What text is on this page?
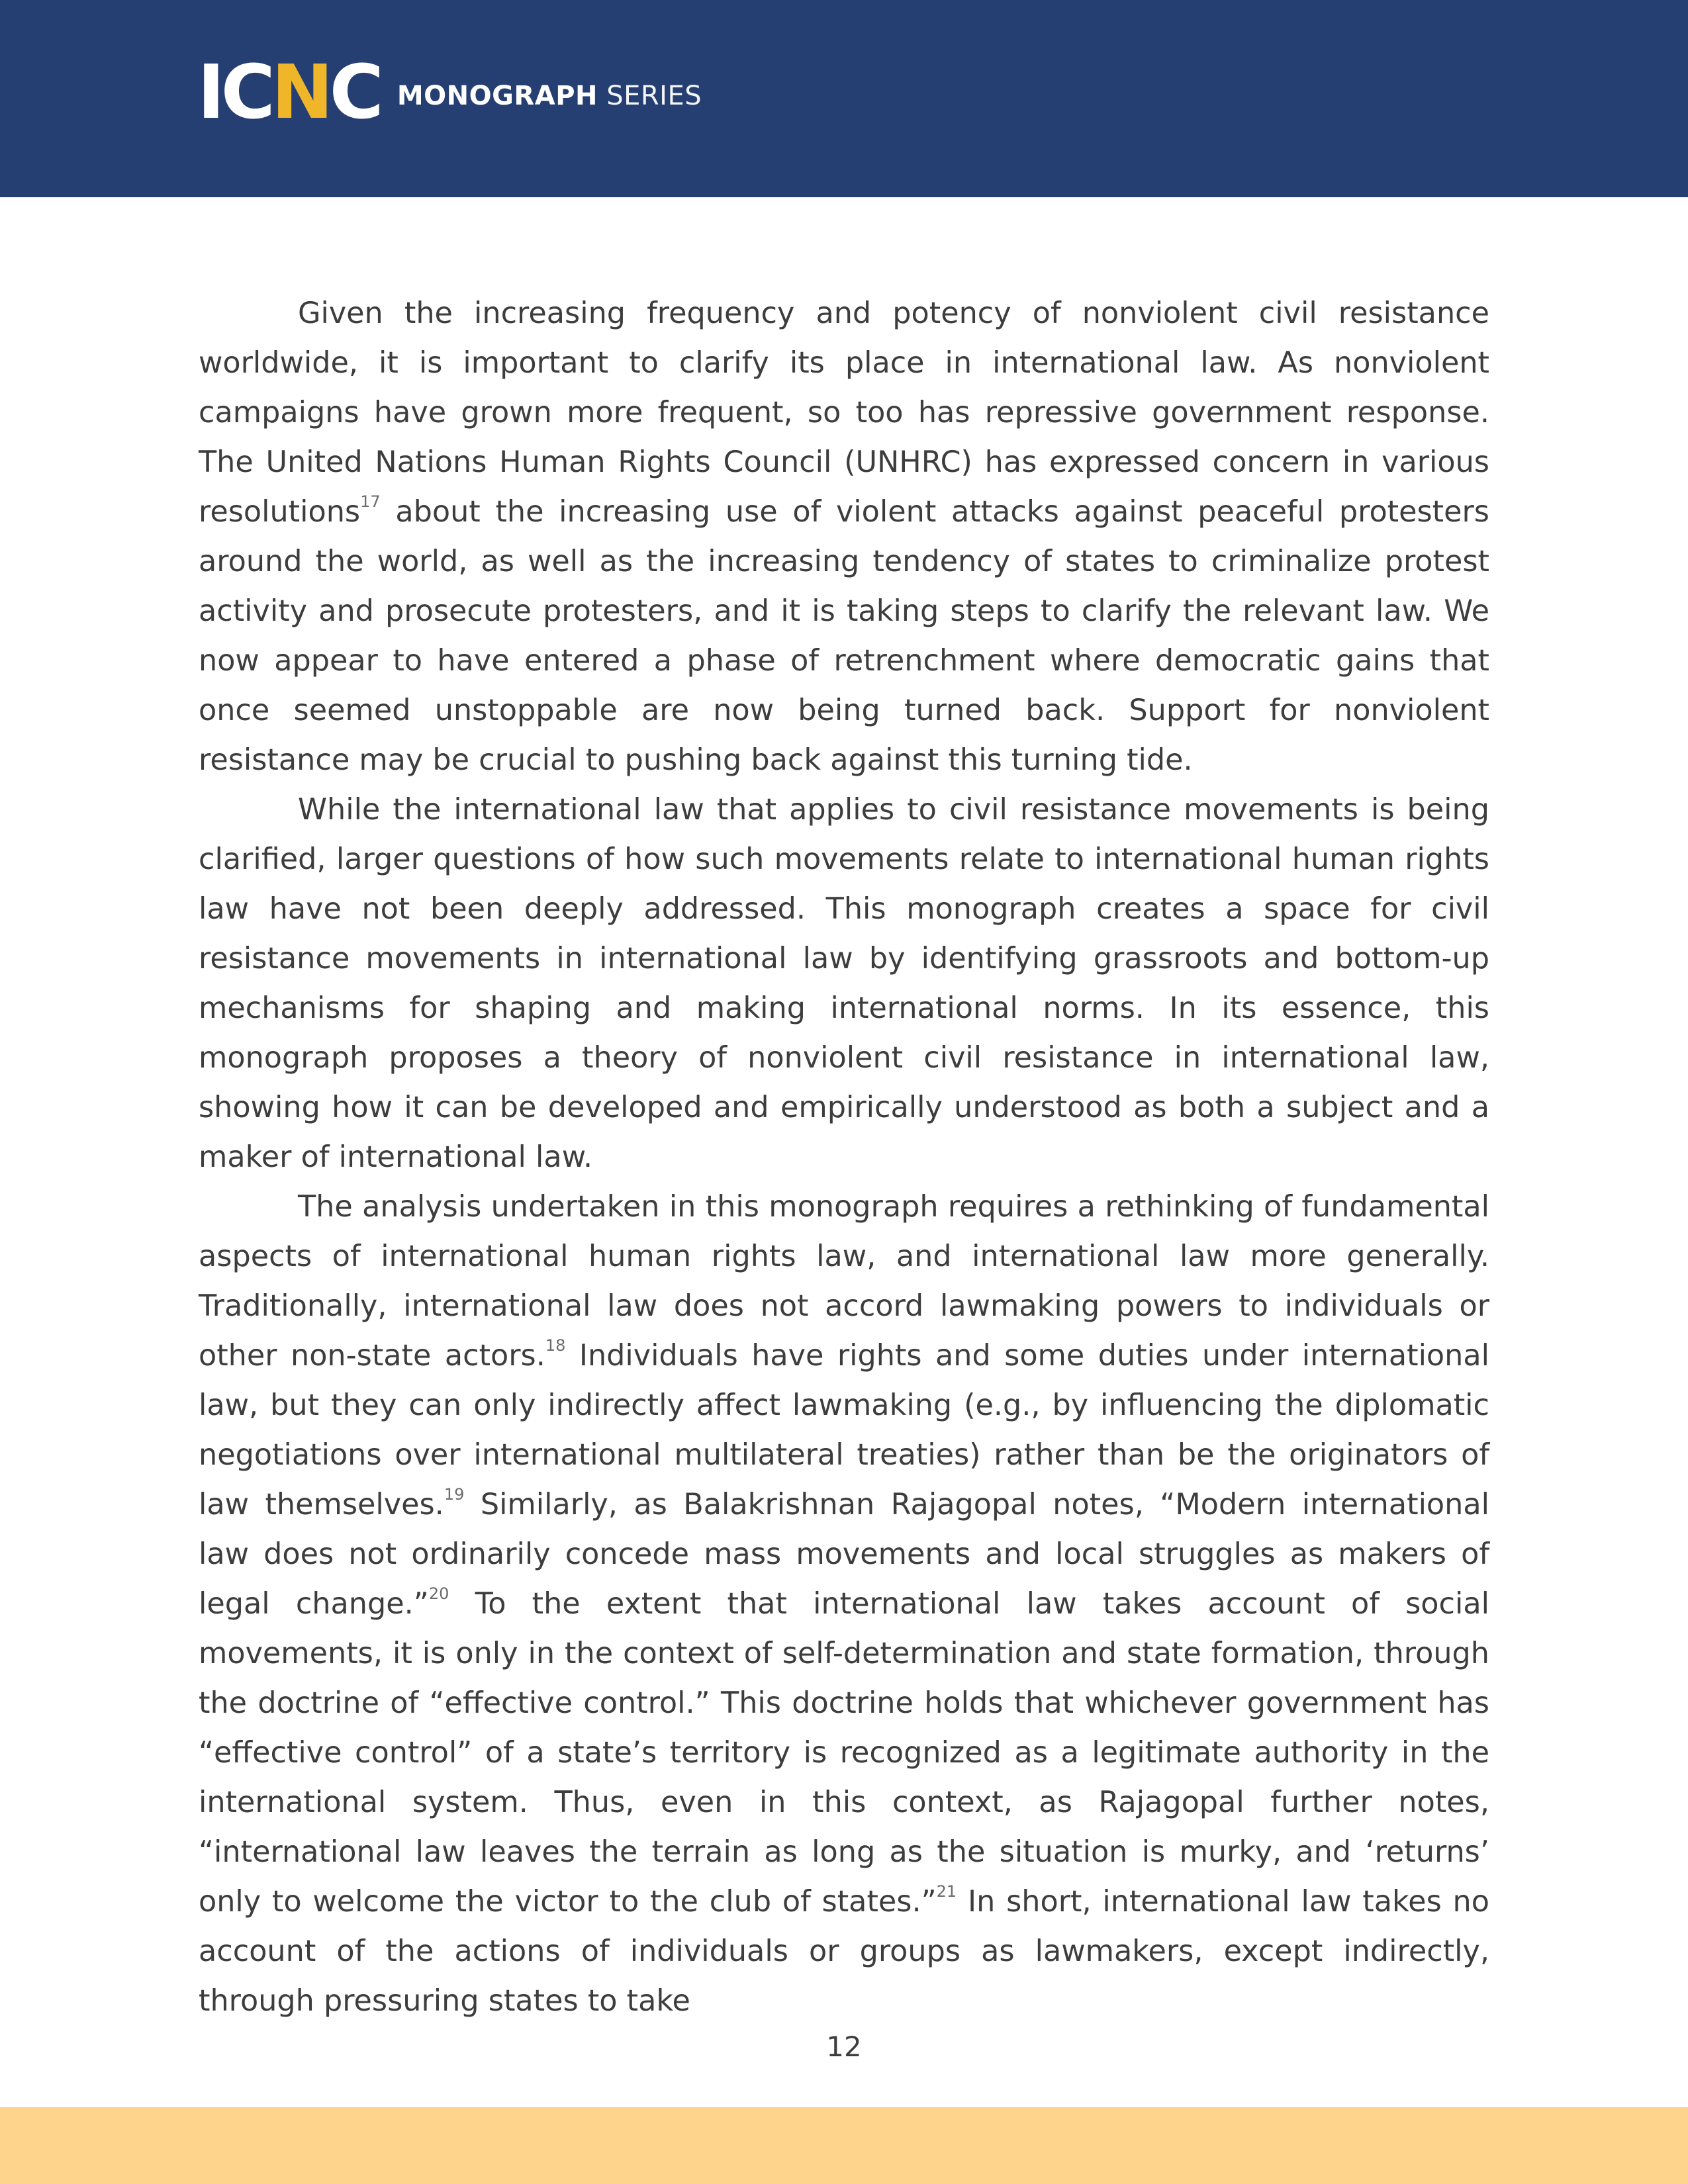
ICNC MONOGRAPH SERIES

Given the increasing frequency and potency of nonviolent civil resistance worldwide, it is important to clarify its place in international law. As nonviolent campaigns have grown more frequent, so too has repressive government response. The United Nations Human Rights Council (UNHRC) has expressed concern in various resolutions$^{17}$ about the increasing use of violent attacks against peaceful protesters around the world, as well as the increasing tendency of states to criminalize protest activity and prosecute protesters, and it is taking steps to clarify the relevant law. We now appear to have entered a phase of retrenchment where democratic gains that once seemed unstoppable are now being turned back. Support for nonviolent resistance may be crucial to pushing back against this turning tide.

While the international law that applies to civil resistance movements is being clarified, larger questions of how such movements relate to international human rights law have not been deeply addressed. This monograph creates a space for civil resistance movements in international law by identifying grassroots and bottom-up mechanisms for shaping and making international norms. In its essence, this monograph proposes a theory of nonviolent civil resistance in international law, showing how it can be developed and empirically understood as both a subject and a maker of international law.

The analysis undertaken in this monograph requires a rethinking of fundamental aspects of international human rights law, and international law more generally. Traditionally, international law does not accord lawmaking powers to individuals or other non-state actors.$^{18}$ Individuals have rights and some duties under international law, but they can only indirectly affect lawmaking (e.g., by influencing the diplomatic negotiations over international multilateral treaties) rather than be the originators of law themselves.$^{19}$ Similarly, as Balakrishnan Rajagopal notes, “Modern international law does not ordinarily concede mass movements and local struggles as makers of legal change.”$^{20}$ To the extent that international law takes account of social movements, it is only in the context of self-determination and state formation, through the doctrine of “effective control.” This doctrine holds that whichever government has “effective control” of a state’s territory is recognized as a legitimate authority in the international system. Thus, even in this context, as Rajagopal further notes, “international law leaves the terrain as long as the situation is murky, and ‘returns’ only to welcome the victor to the club of states.”$^{21}$ In short, international law takes no account of the actions of individuals or groups as lawmakers, except indirectly, through pressuring states to take

12
